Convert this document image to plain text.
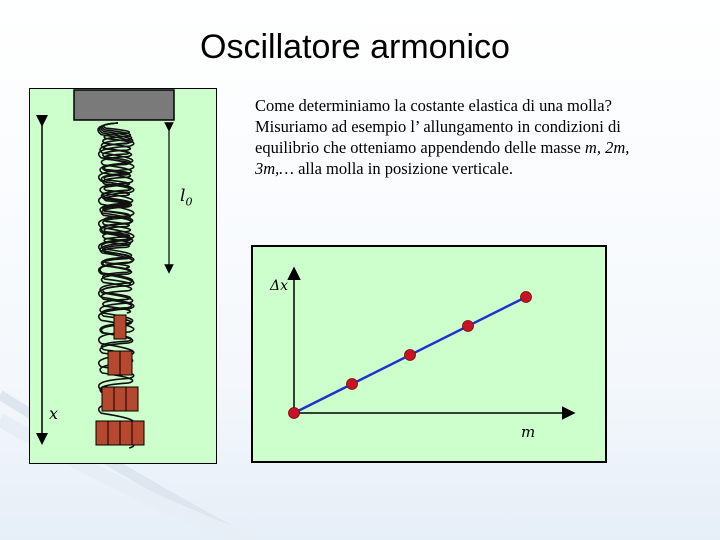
Oscillatore armonico
$l_0$
x
Come determiniamo la costante elastica di una molla? Misuriamo ad esempio l’ allungamento in condizioni di equilibrio che otteniamo appendendo delle masse m, 2m, 3m,… alla molla in posizione verticale.
Δx
m
